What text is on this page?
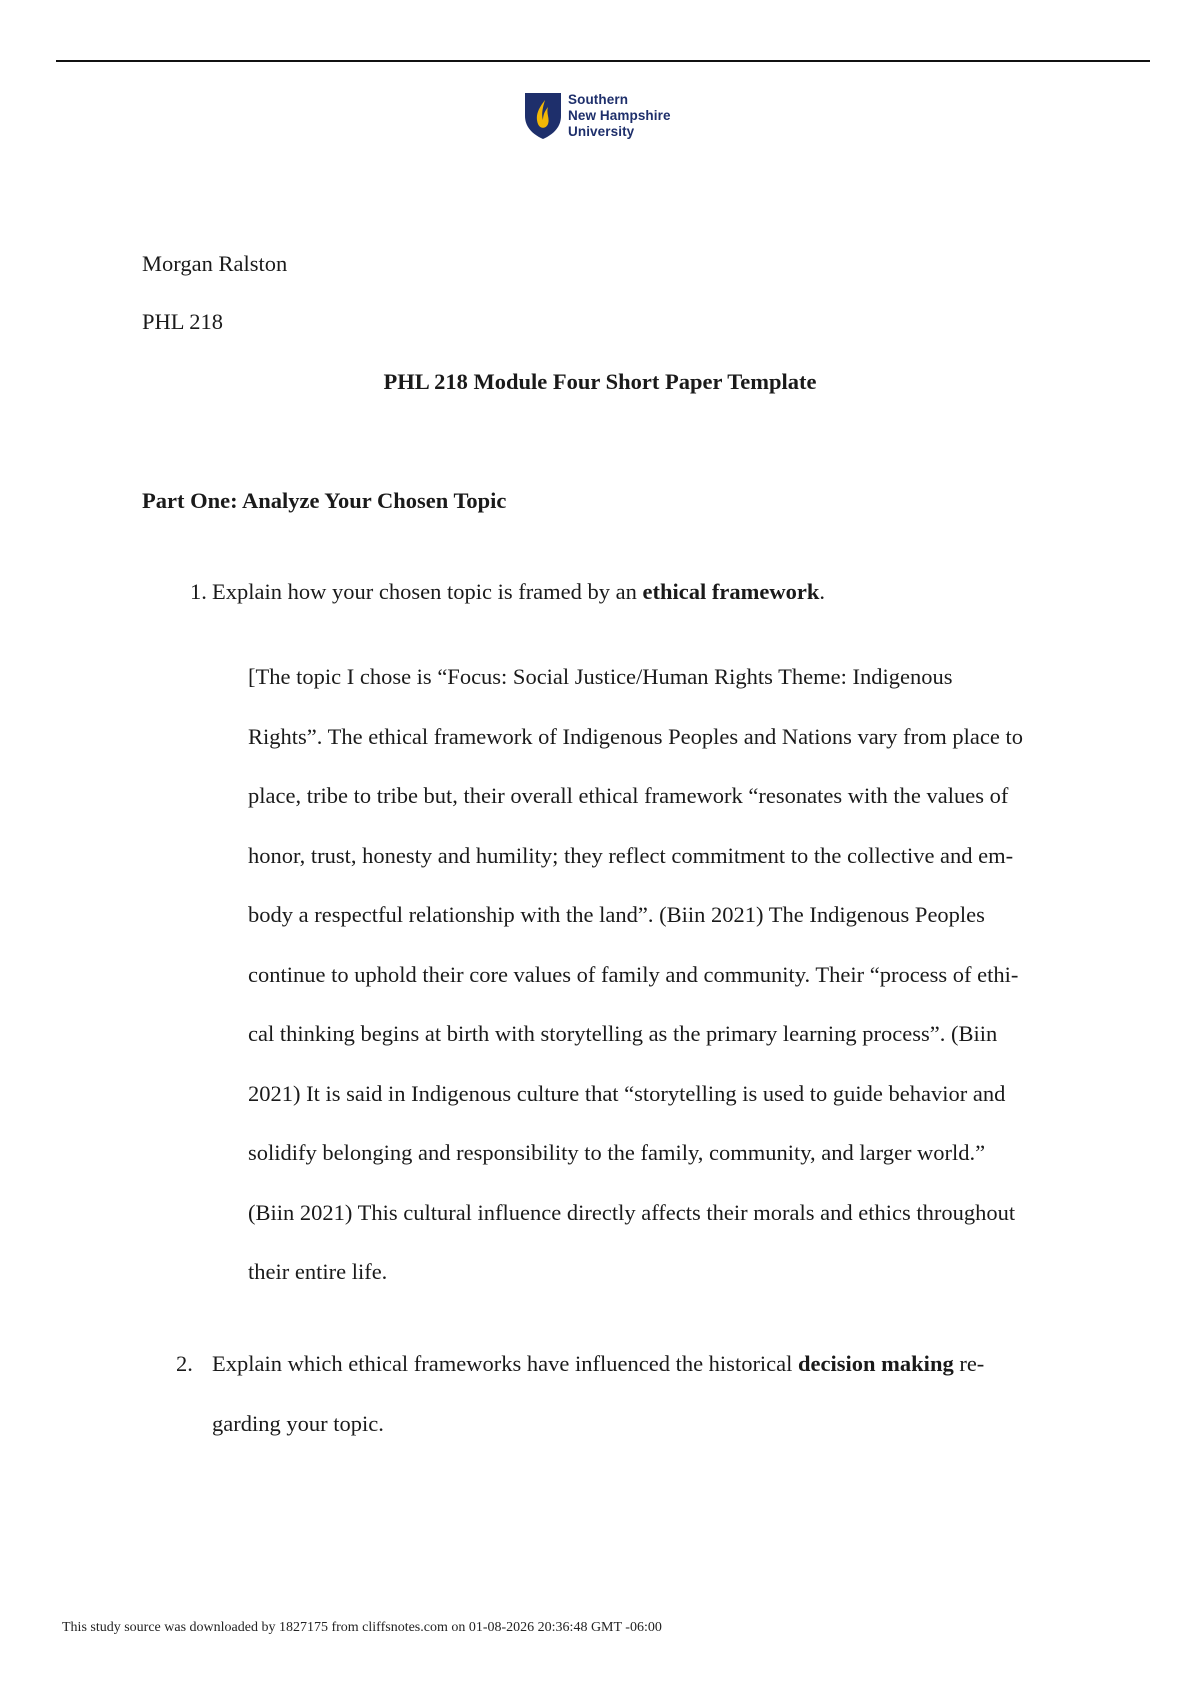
Southern
New Hampshire
University
Morgan Ralston
PHL 218
PHL 218 Module Four Short Paper Template
Part One: Analyze Your Chosen Topic
1. Explain how your chosen topic is framed by an ethical framework.
[The topic I chose is “Focus: Social Justice/Human Rights Theme: Indigenous
Rights”. The ethical framework of Indigenous Peoples and Nations vary from place to
place, tribe to tribe but, their overall ethical framework “resonates with the values of
honor, trust, honesty and humility; they reflect commitment to the collective and em-
body a respectful relationship with the land”. (Biin 2021) The Indigenous Peoples
continue to uphold their core values of family and community. Their “process of ethi-
cal thinking begins at birth with storytelling as the primary learning process”. (Biin
2021) It is said in Indigenous culture that “storytelling is used to guide behavior and
solidify belonging and responsibility to the family, community, and larger world.”
(Biin 2021) This cultural influence directly affects their morals and ethics throughout
their entire life.
2. Explain which ethical frameworks have influenced the historical decision making re-
garding your topic.
This study source was downloaded by 1827175 from cliffsnotes.com on 01-08-2026 20:36:48 GMT -06:00
